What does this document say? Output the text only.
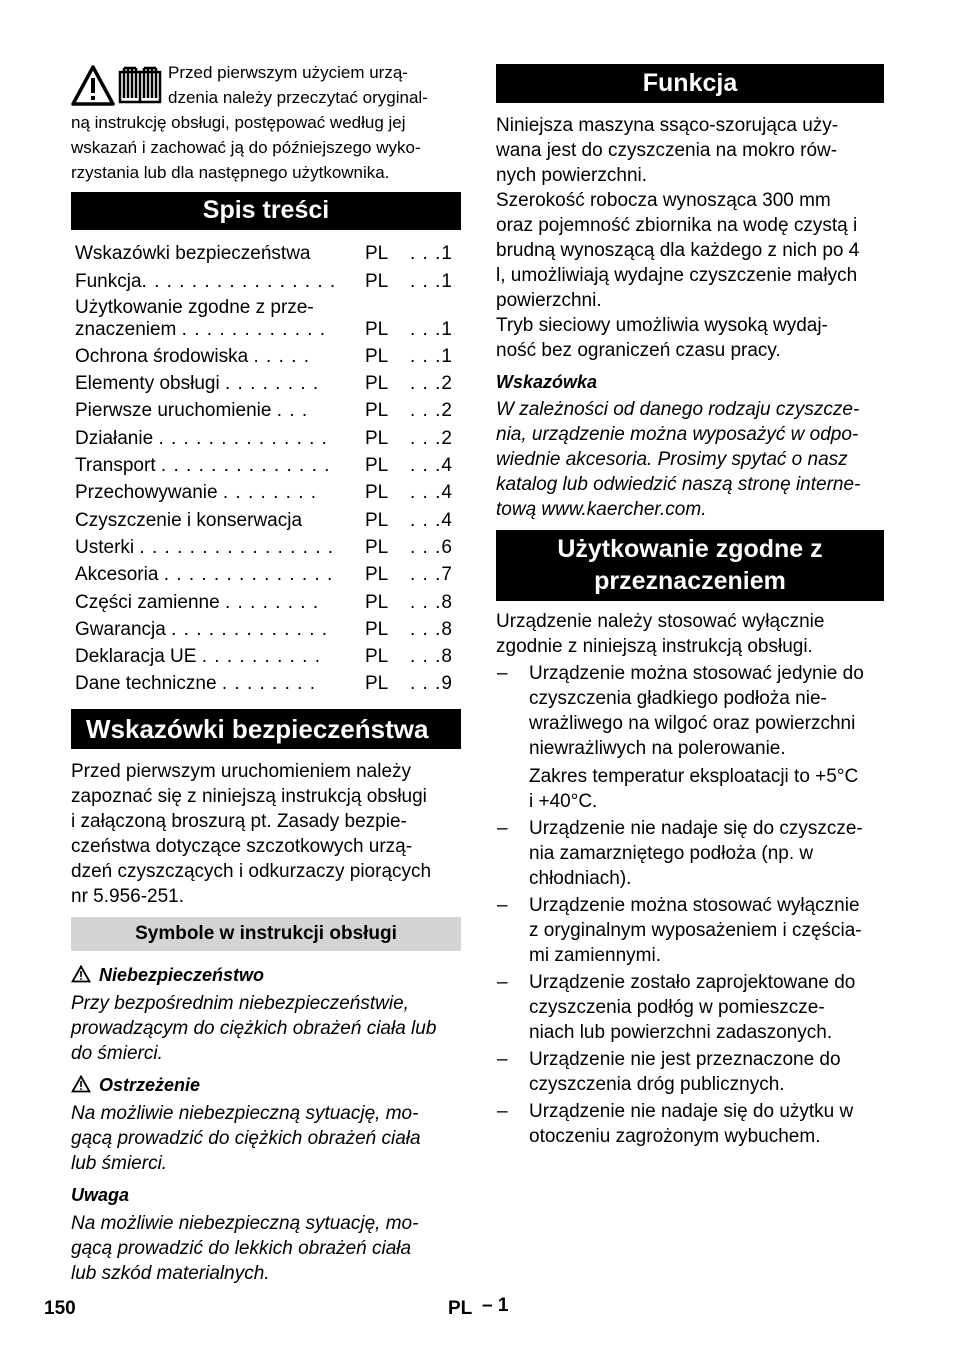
Przed pierwszym użyciem urzą-
dzenia należy przeczytać oryginal-
ną instrukcję obsługi, postępować według jej
wskazań i zachować ją do późniejszego wyko-
rzystania lub dla następnego użytkownika.
Spis treści
Wskazówki bezpieczeństwa	PL . . .1
Funkcja. . . . . . . . . . . . . . . .	PL . . .1
Użytkowanie zgodne z prze-
znaczeniem . . . . . . . . . . . .	PL . . .1
Ochrona środowiska . . . . .	PL . . .1
Elementy obsługi . . . . . . . .	PL . . .2
Pierwsze uruchomienie . . .	PL . . .2
Działanie . . . . . . . . . . . . . .	PL . . .2
Transport . . . . . . . . . . . . . .	PL . . .4
Przechowywanie . . . . . . . .	PL . . .4
Czyszczenie i konserwacja	PL . . .4
Usterki . . . . . . . . . . . . . . . .	PL . . .6
Akcesoria . . . . . . . . . . . . . .	PL . . .7
Części zamienne . . . . . . . .	PL . . .8
Gwarancja . . . . . . . . . . . . .	PL . . .8
Deklaracja UE . . . . . . . . . .	PL . . .8
Dane techniczne . . . . . . . .	PL . . .9
Wskazówki bezpieczeństwa
Przed pierwszym uruchomieniem należy
zapoznać się z niniejszą instrukcją obsługi
i załączoną broszurą pt. Zasady bezpie-
czeństwa dotyczące szczotkowych urzą-
dzeń czyszczących i odkurzaczy piorących
nr 5.956-251.
Symbole w instrukcji obsługi
Niebezpieczeństwo
Przy bezpośrednim niebezpieczeństwie,
prowadzącym do ciężkich obrażeń ciała lub
do śmierci.
Ostrzeżenie
Na możliwie niebezpieczną sytuację, mo-
gącą prowadzić do ciężkich obrażeń ciała
lub śmierci.
Uwaga
Na możliwie niebezpieczną sytuację, mo-
gącą prowadzić do lekkich obrażeń ciała
lub szkód materialnych.
Funkcja
Niniejsza maszyna ssąco-szorująca uży-
wana jest do czyszczenia na mokro rów-
nych powierzchni.
Szerokość robocza wynosząca 300 mm
oraz pojemność zbiornika na wodę czystą i
brudną wynoszącą dla każdego z nich po 4
l, umożliwiają wydajne czyszczenie małych
powierzchni.
Tryb sieciowy umożliwia wysoką wydaj-
ność bez ograniczeń czasu pracy.
Wskazówka
W zależności od danego rodzaju czyszcze-
nia, urządzenie można wyposażyć w odpo-
wiednie akcesoria. Prosimy spytać o nasz
katalog lub odwiedzić naszą stronę interne-
tową www.kaercher.com.
Użytkowanie zgodne z
przeznaczeniem
Urządzenie należy stosować wyłącznie
zgodnie z niniejszą instrukcją obsługi.
– Urządzenie można stosować jedynie do
czyszczenia gładkiego podłoża nie-
wrażliwego na wilgoć oraz powierzchni
niewrażliwych na polerowanie.
Zakres temperatur eksploatacji to +5°C
i +40°C.
– Urządzenie nie nadaje się do czyszcze-
nia zamarzniętego podłoża (np. w
chłodniach).
– Urządzenie można stosować wyłącznie
z oryginalnym wyposażeniem i częścia-
mi zamiennymi.
– Urządzenie zostało zaprojektowane do
czyszczenia podłóg w pomieszcze-
niach lub powierzchni zadaszonych.
– Urządzenie nie jest przeznaczone do
czyszczenia dróg publicznych.
– Urządzenie nie nadaje się do użytku w
otoczeniu zagrożonym wybuchem.
150	PL – 1
